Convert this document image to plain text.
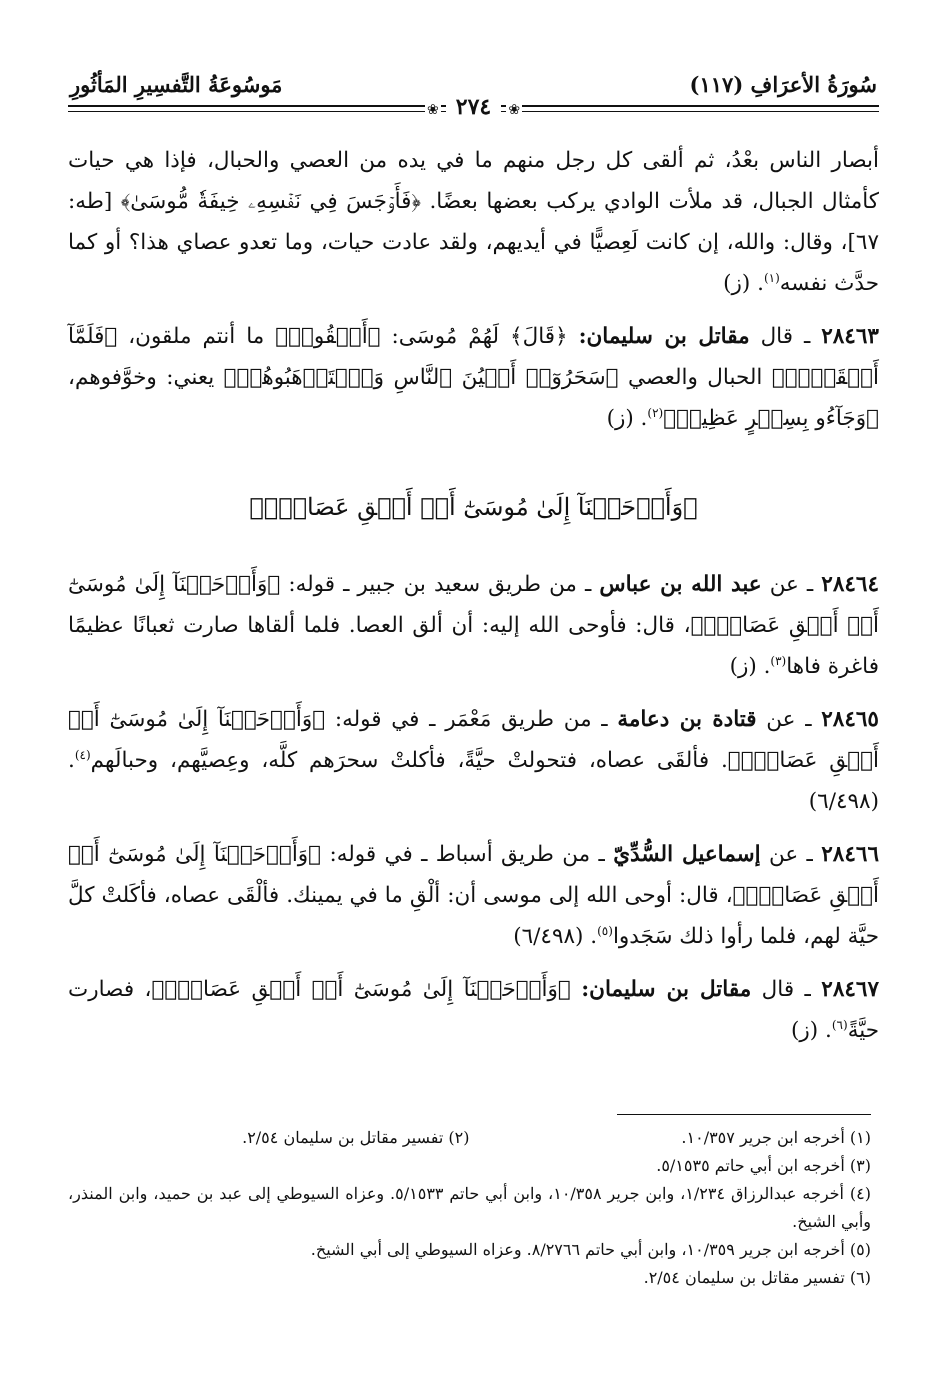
سُورَةُ الأعرَافِ (١١٧)
مَوسُوعَةُ التَّفسِيرِ المَأثُورِ
❀ ٢٧٤ ❀

أبصار الناس بعْدُ، ثم ألقى كل رجل منهم ما في يده من العصي والحبال، فإذا هي حيات كأمثال الجبال، قد ملأت الوادي يركب بعضها بعضًا. ﴿فَأَوۡجَسَ فِي نَفۡسِهِۦ خِيفَةٗ مُّوسَىٰ﴾ [طه: ٦٧]، وقال: والله، إن كانت لَعِصيًّا في أيديهم، ولقد عادت حيات، وما تعدو عصاي هذا؟ أو كما حدَّث نفسه$^{(١)}$. (ز)

٢٨٤٦٣ ـ قال مقاتل بن سليمان: ﴿قَالَ﴾ لَهُمْ مُوسَى: ﴿أَلۡقُوا۟﴾ ما أنتم ملقون، ﴿فَلَمَّآ أَلۡقَوۡا۟﴾ الحبال والعصي ﴿سَحَرُوٓا۟ أَعۡيُنَ ٱلنَّاسِ وَٱسۡتَرۡهَبُوهُمۡ﴾ يعني: وخوَّفوهم، ﴿وَجَآءُو بِسِحۡرٍ عَظِيمٖ﴾$^{(٢)}$. (ز)

﴿وَأَوۡحَيۡنَآ إِلَىٰ مُوسَىٰٓ أَنۡ أَلۡقِ عَصَاكَۖ﴾

٢٨٤٦٤ ـ عن عبد الله بن عباس ـ من طريق سعيد بن جبير ـ قوله: ﴿وَأَوۡحَيۡنَآ إِلَىٰ مُوسَىٰٓ أَنۡ أَلۡقِ عَصَاكَۖ﴾، قال: فأوحى الله إليه: أن ألق العصا. فلما ألقاها صارت ثعبانًا عظيمًا فاغرة فاها$^{(٣)}$. (ز)

٢٨٤٦٥ ـ عن قتادة بن دعامة ـ من طريق مَعْمَر ـ في قوله: ﴿وَأَوۡحَيۡنَآ إِلَىٰ مُوسَىٰٓ أَنۡ أَلۡقِ عَصَاكَۖ﴾. فألقَى عصاه، فتحولتْ حيَّةً، فأكلتْ سحرَهم كلَّه، وعِصيَّهم، وحبالَهم$^{(٤)}$. (٦/٤٩٨)

٢٨٤٦٦ ـ عن إسماعيل السُّدِّيّ ـ من طريق أسباط ـ في قوله: ﴿وَأَوۡحَيۡنَآ إِلَىٰ مُوسَىٰٓ أَنۡ أَلۡقِ عَصَاكَۖ﴾، قال: أوحى الله إلى موسى أن: ألْقِ ما في يمينك. فألْقَى عصاه، فأكَلتْ كلَّ حيَّة لهم، فلما رأوا ذلك سَجَدوا$^{(٥)}$. (٦/٤٩٨)

٢٨٤٦٧ ـ قال مقاتل بن سليمان: ﴿وَأَوۡحَيۡنَآ إِلَىٰ مُوسَىٰٓ أَنۡ أَلۡقِ عَصَاكَۖ﴾، فصارت حيَّةً$^{(٦)}$. (ز)

(١) أخرجه ابن جرير ١٠/٣٥٧.
(٢) تفسير مقاتل بن سليمان ٢/٥٤.

(٣) أخرجه ابن أبي حاتم ٥/١٥٣٥.

(٤) أخرجه عبدالرزاق ١/٢٣٤، وابن جرير ١٠/٣٥٨، وابن أبي حاتم ٥/١٥٣٣. وعزاه السيوطي إلى عبد بن حميد، وابن المنذر، وأبي الشيخ.

(٥) أخرجه ابن جرير ١٠/٣٥٩، وابن أبي حاتم ٨/٢٧٦٦. وعزاه السيوطي إلى أبي الشيخ.

(٦) تفسير مقاتل بن سليمان ٢/٥٤.
